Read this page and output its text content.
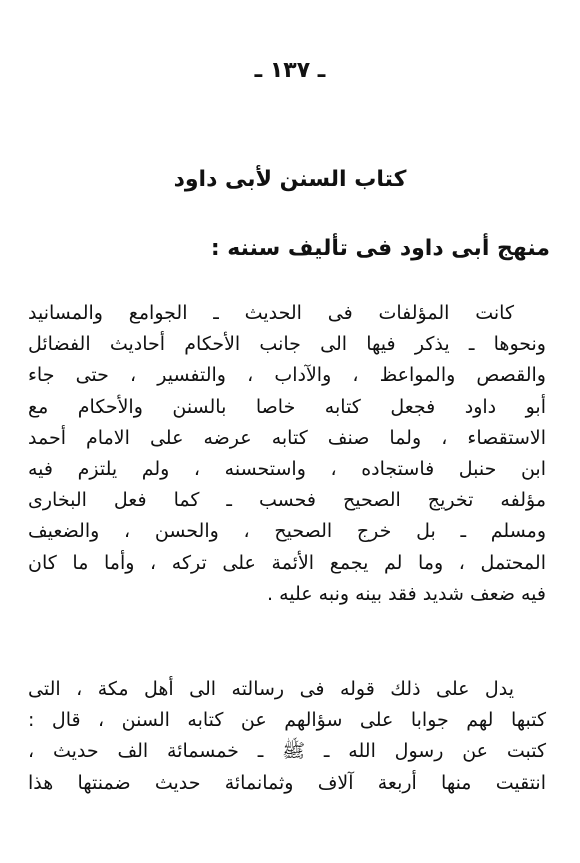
ـ ١٣٧ ـ
كتاب السنن لأبى داود
منهج أبى داود فى تأليف سننه :
كانت المؤلفات فى الحديث ـ الجوامع والمسانيد
ونحوها ـ يذكر فيها الى جانب الأحكام أحاديث الفضائل
والقصص والمواعظ ، والآداب ، والتفسير ، حتى جاء
أبو داود فجعل كتابه خاصا بالسنن والأحكام مع
الاستقصاء ، ولما صنف كتابه عرضه على الامام أحمد
ابن حنبل فاستجاده ، واستحسنه ، ولم يلتزم فيه
مؤلفه تخريج الصحيح فحسب ـ كما فعل البخارى
ومسلم ـ بل خرج الصحيح ، والحسن ، والضعيف
المحتمل ، وما لم يجمع الأئمة على تركه ، وأما ما كان
فيه ضعف شديد فقد بينه ونبه عليه .
يدل على ذلك قوله فى رسالته الى أهل مكة ، التى
كتبها لهم جوابا على سؤالهم عن كتابه السنن ، قال :
كتبت عن رسول الله ـ ﷺ ـ خمسمائة الف حديث ،
انتقيت منها أربعة آلاف وثمانمائة حديث ضمنتها هذا
